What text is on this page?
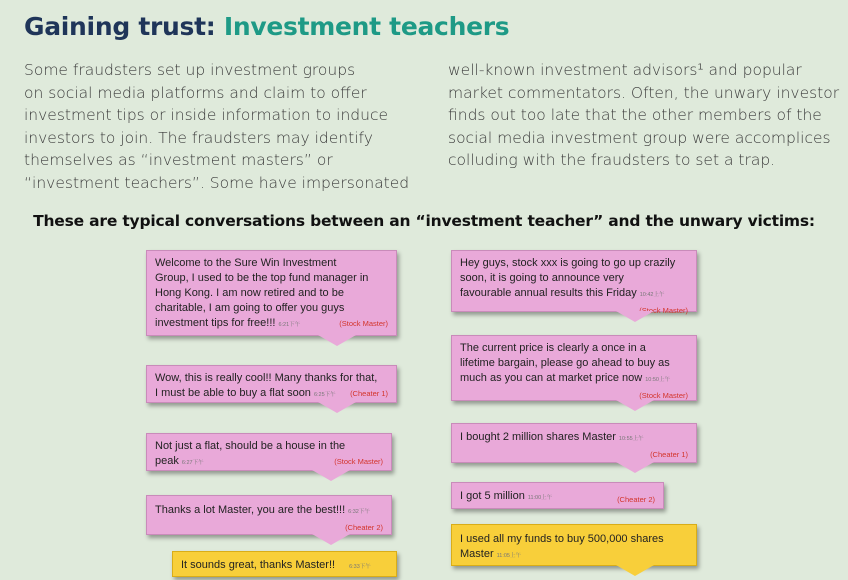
Gaining trust: Investment teachers

Some fraudsters set up investment groups
on social media platforms and claim to offer
investment tips or inside information to induce
investors to join. The fraudsters may identify
themselves as “investment masters” or
“investment teachers”. Some have impersonated

well-known investment advisors¹ and popular
market commentators. Often, the unwary investor
finds out too late that the other members of the
social media investment group were accomplices
colluding with the fraudsters to set a trap.

These are typical conversations between an “investment teacher” and the unwary victims:
Welcome to the Sure Win Investment
Group, I used to be the top fund manager in
Hong Kong. I am now retired and to be
charitable, I am going to offer you guys
investment tips for free!!! 6:21下午	(Stock Master)
Wow, this is really cool!! Many thanks for that,
I must be able to buy a flat soon 6:25下午 (Cheater 1)
Not just a flat, should be a house in the
peak 6:27下午	(Stock Master)
Thanks a lot Master, you are the best!!! 6:32下午
(Cheater 2)
It sounds great, thanks Master!!	6:33下午
Hey guys, stock xxx is going to go up crazily
soon, it is going to announce very
favourable annual results this Friday 10:42上午
(Stock Master)
The current price is clearly a once in a
lifetime bargain, please go ahead to buy as
much as you can at market price now 10:50上午
(Stock Master)
I bought 2 million shares Master 10:55上午
(Cheater 1)
I got 5 million 11:00上午	(Cheater 2)
I used all my funds to buy 500,000 shares
Master 11:05上午
